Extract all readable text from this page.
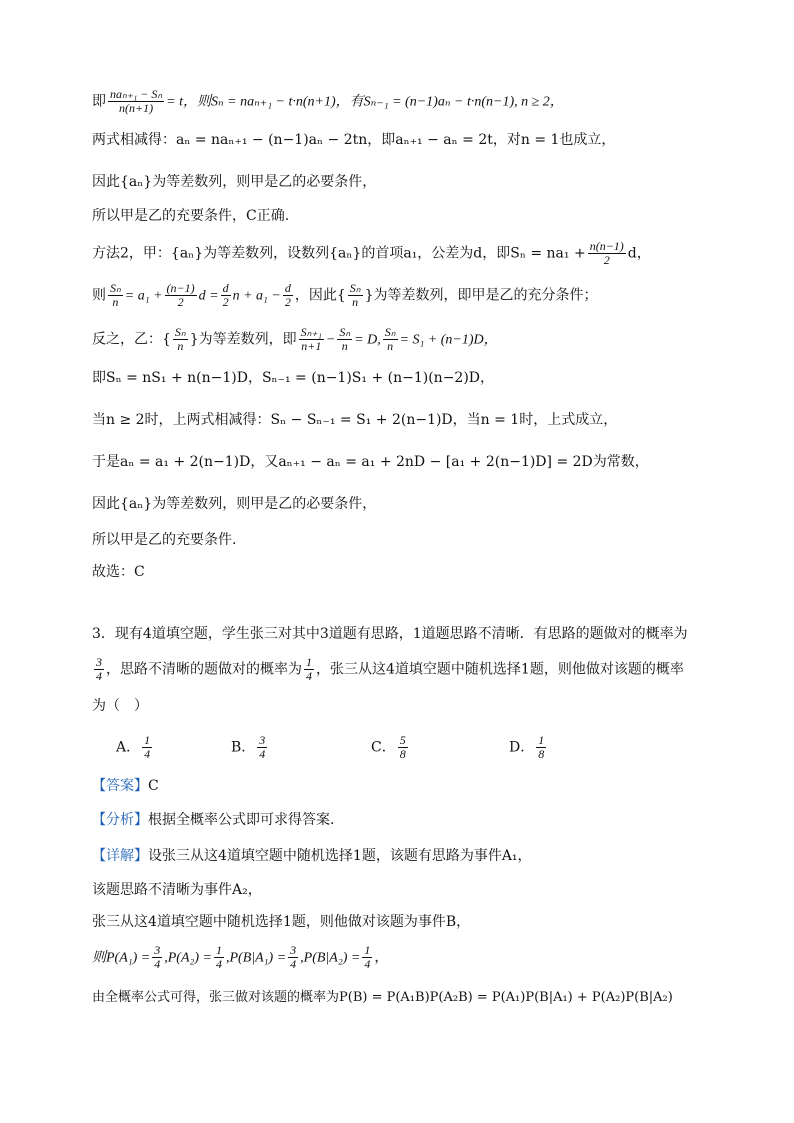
即 $\frac{\text{naₙ₊₁ − Sₙ}}{n(n+1)} = t$，则Sₙ = naₙ₊₁ − t·n(n+1)，有Sₙ₋₁ = (n−1)aₙ − t·n(n−1), n ≥ 2，
两式相减得：aₙ = naₙ₊₁ − (n−1)aₙ − 2tn，即aₙ₊₁ − aₙ = 2t，对n = 1也成立，
因此{aₙ}为等差数列，则甲是乙的必要条件，
所以甲是乙的充要条件，C正确.
方法2，甲：{aₙ}为等差数列，设数列{aₙ}的首项a₁，公差为d，即$S_n = na_1 + \frac{n(n-1)}{2}$ d，
则 $\frac{\text{Sₙ}}{n} = a_1 + \frac{(n-1)}{2}$ $d = \frac{d}{2}$ $n + a_1 - \frac{d}{2}$ ，因此{ $\frac{\text{Sₙ}}{n}$ }为等差数列，即甲是乙的充分条件；
反之，乙：{ $\frac{\text{Sₙ}}{n}$ }为等差数列，即 $\frac{\text{Sₙ₊₁}}{n+1} - \frac{\text{Sₙ}}{n} = D$, $\frac{\text{Sₙ}}{n} = S_1 + (n-1)D$，
即Sₙ = nS₁ + n(n−1)D，Sₙ₋₁ = (n−1)S₁ + (n−1)(n−2)D，
当n ≥ 2时，上两式相减得：Sₙ − Sₙ₋₁ = S₁ + 2(n−1)D，当n = 1时，上式成立，
于是aₙ = a₁ + 2(n−1)D，又aₙ₊₁ − aₙ = a₁ + 2nD − [a₁ + 2(n−1)D] = 2D为常数，
因此{aₙ}为等差数列，则甲是乙的必要条件，
所以甲是乙的充要条件.
故选：C
3．现有4道填空题，学生张三对其中3道题有思路，1道题思路不清晰．有思路的题做对的概率为
$\frac{3}{4}$ ，思路不清晰的题做对的概率为 $\frac{1}{4}$ ，张三从这4道填空题中随机选择1题，则他做对该题的概率
为（　）
A． $\frac{1}{4}$	B． $\frac{3}{4}$	C． $\frac{5}{8}$	D． $\frac{1}{8}$
【答案】C
【分析】根据全概率公式即可求得答案.
【详解】设张三从这4道填空题中随机选择1题，该题有思路为事件A₁，
该题思路不清晰为事件A₂，
张三从这4道填空题中随机选择1题，则他做对该题为事件B，
则$P(A_1) = \frac{3}{4} ,P(A_2) = \frac{1}{4} ,P(B|A_1) = \frac{3}{4} ,P(B|A_2) = \frac{1}{4}$ ，
由全概率公式可得，张三做对该题的概率为P(B) = P(A₁B)P(A₂B) = P(A₁)P(B|A₁) + P(A₂)P(B|A₂)
